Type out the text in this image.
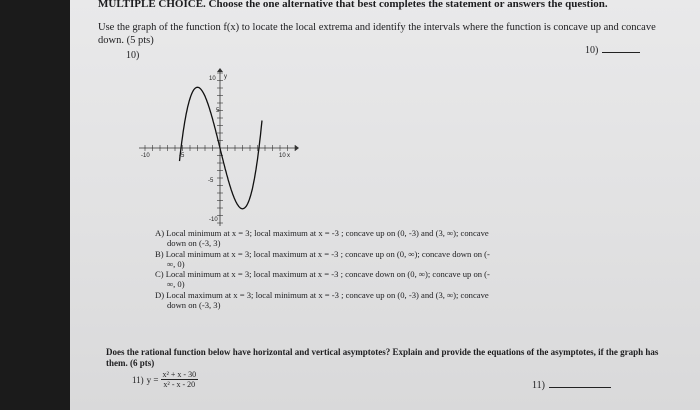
MULTIPLE CHOICE. Choose the one alternative that best completes the statement or answers the question.
Use the graph of the function f(x) to locate the local extrema and identify the intervals where the function is concave up and concave down. (5 pts)
10)	10)
10 y
-10
5
-5
-10	-5	10 x
A) Local minimum at x = 3; local maximum at x = -3 ; concave up on (0, -3) and (3, ∞); concave
down on (-3, 3)
B) Local minimum at x = 3; local maximum at x = -3 ; concave up on (0, ∞); concave down on (-
∞, 0)
C) Local minimum at x = 3; local maximum at x = -3 ; concave down on (0, ∞); concave up on (-
∞, 0)
D) Local maximum at x = 3; local minimum at x = -3 ; concave up on (0, -3) and (3, ∞); concave
down on (-3, 3)
Does the rational function below have horizontal and vertical asymptotes? Explain and provide the equations of the asymptotes, if the graph has them. (6 pts)
11) $y = \frac{\text{x² + x - 30}}{\text{x² - x - 20}}$	11)
